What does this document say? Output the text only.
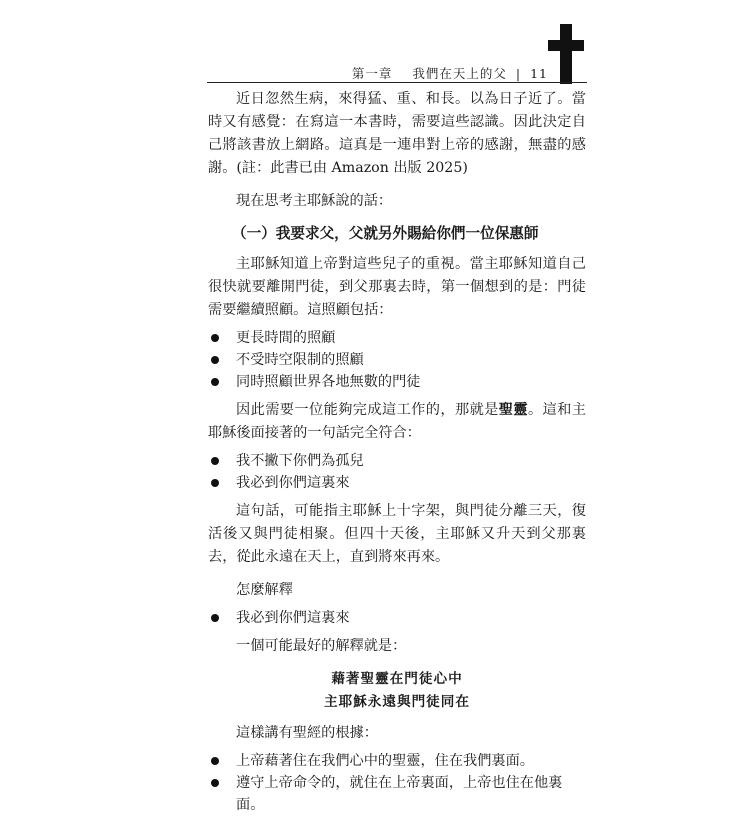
第一章 我們在天上的父 | 11

近日忽然生病，來得猛、重、和長。以為日子近了。當時又有感覺：在寫這一本書時，需要這些認識。因此決定自己將該書放上網路。這真是一連串對上帝的感謝，無盡的感謝。(註：此書已由 Amazon 出版 2025)

現在思考主耶穌說的話：

（一）我要求父，父就另外賜給你們一位保惠師

主耶穌知道上帝對這些兒子的重視。當主耶穌知道自己很快就要離開門徒，到父那裏去時，第一個想到的是：門徒需要繼續照顧。這照顧包括：

更長時間的照顧
不受時空限制的照顧
同時照顧世界各地無數的門徒

因此需要一位能夠完成這工作的，那就是聖靈。這和主耶穌後面接著的一句話完全符合：

我不撇下你們為孤兒
我必到你們這裏來

這句話，可能指主耶穌上十字架，與門徒分離三天，復活後又與門徒相聚。但四十天後，主耶穌又升天到父那裏去，從此永遠在天上，直到將來再來。

怎麼解釋

我必到你們這裏來

一個可能最好的解釋就是：

藉著聖靈在門徒心中

主耶穌永遠與門徒同在

這樣講有聖經的根據：

上帝藉著住在我們心中的聖靈，住在我們裏面。
遵守上帝命令的，就住在上帝裏面，上帝也住在他裏面。
